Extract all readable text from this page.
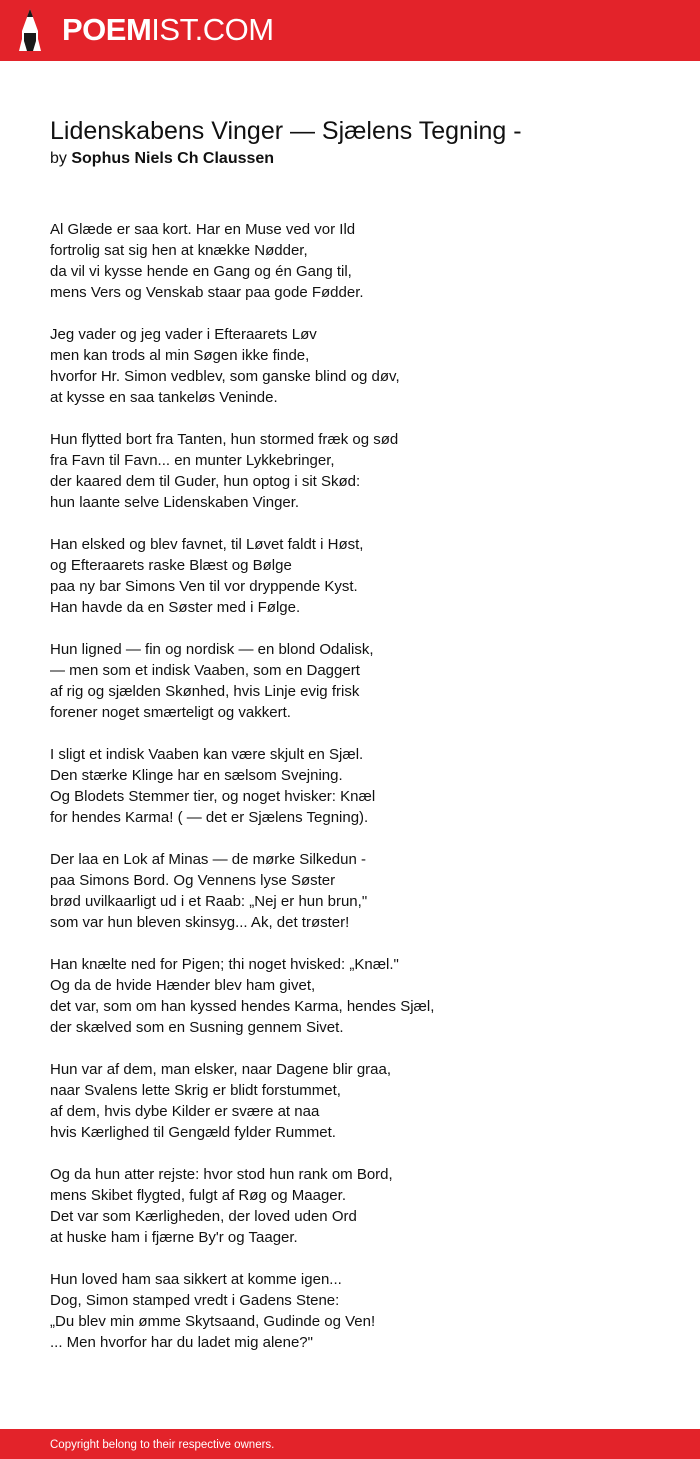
POEMIST.COM
Lidenskabens Vinger — Sjælens Tegning -
by Sophus Niels Ch Claussen
Al Glæde er saa kort. Har en Muse ved vor Ild
fortrolig sat sig hen at knække Nødder,
da vil vi kysse hende en Gang og én Gang til,
mens Vers og Venskab staar paa gode Fødder.
Jeg vader og jeg vader i Efteraarets Løv
men kan trods al min Søgen ikke finde,
hvorfor Hr. Simon vedblev, som ganske blind og døv,
at kysse en saa tankeløs Veninde.
Hun flytted bort fra Tanten, hun stormed fræk og sød
fra Favn til Favn... en munter Lykkebringer,
der kaared dem til Guder, hun optog i sit Skød:
hun laante selve Lidenskaben Vinger.
Han elsked og blev favnet, til Løvet faldt i Høst,
og Efteraarets raske Blæst og Bølge
paa ny bar Simons Ven til vor dryppende Kyst.
Han havde da en Søster med i Følge.
Hun ligned — fin og nordisk — en blond Odalisk,
— men som et indisk Vaaben, som en Daggert
af rig og sjælden Skønhed, hvis Linje evig frisk
forener noget smærteligt og vakkert.
I sligt et indisk Vaaben kan være skjult en Sjæl.
Den stærke Klinge har en sælsom Svejning.
Og Blodets Stemmer tier, og noget hvisker: Knæl
for hendes Karma! ( — det er Sjælens Tegning).
Der laa en Lok af Minas — de mørke Silkedun -
paa Simons Bord. Og Vennens lyse Søster
brød uvilkaarligt ud i et Raab: „Nej er hun brun,"
som var hun bleven skinsyg... Ak, det trøster!
Han knælte ned for Pigen; thi noget hvisked: „Knæl."
Og da de hvide Hænder blev ham givet,
det var, som om han kyssed hendes Karma, hendes Sjæl,
der skælved som en Susning gennem Sivet.
Hun var af dem, man elsker, naar Dagene blir graa,
naar Svalens lette Skrig er blidt forstummet,
af dem, hvis dybe Kilder er svære at naa
hvis Kærlighed til Gengæld fylder Rummet.
Og da hun atter rejste: hvor stod hun rank om Bord,
mens Skibet flygted, fulgt af Røg og Maager.
Det var som Kærligheden, der loved uden Ord
at huske ham i fjærne By'r og Taager.
Hun loved ham saa sikkert at komme igen...
Dog, Simon stamped vredt i Gadens Stene:
„Du blev min ømme Skytsaand, Gudinde og Ven!
... Men hvorfor har du ladet mig alene?"
Copyright belong to their respective owners.
